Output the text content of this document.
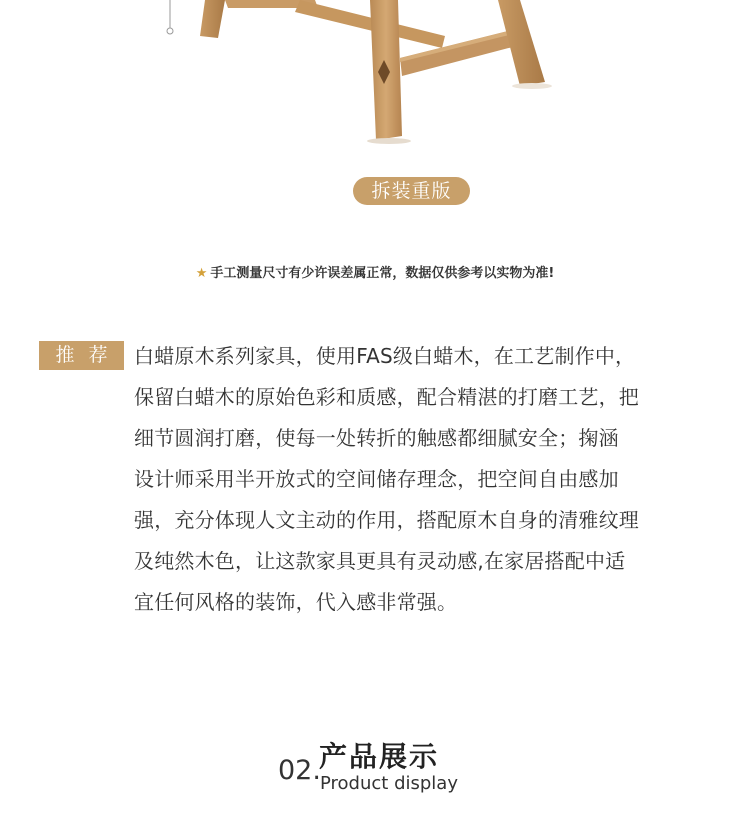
拆装重版
★ 手工测量尺寸有少许误差属正常，数据仅供参考以实物为准!
推荐 白蜡原木系列家具，使用FAS级白蜡木，在工艺制作中，
保留白蜡木的原始色彩和质感，配合精湛的打磨工艺，把
细节圆润打磨，使每一处转折的触感都细腻安全；掬涵
设计师采用半开放式的空间储存理念，把空间自由感加
强，充分体现人文主动的作用，搭配原木自身的清雅纹理
及纯然木色，让这款家具更具有灵动感,在家居搭配中适
宜任何风格的装饰，代入感非常强。
02.
产品展示
Product display
